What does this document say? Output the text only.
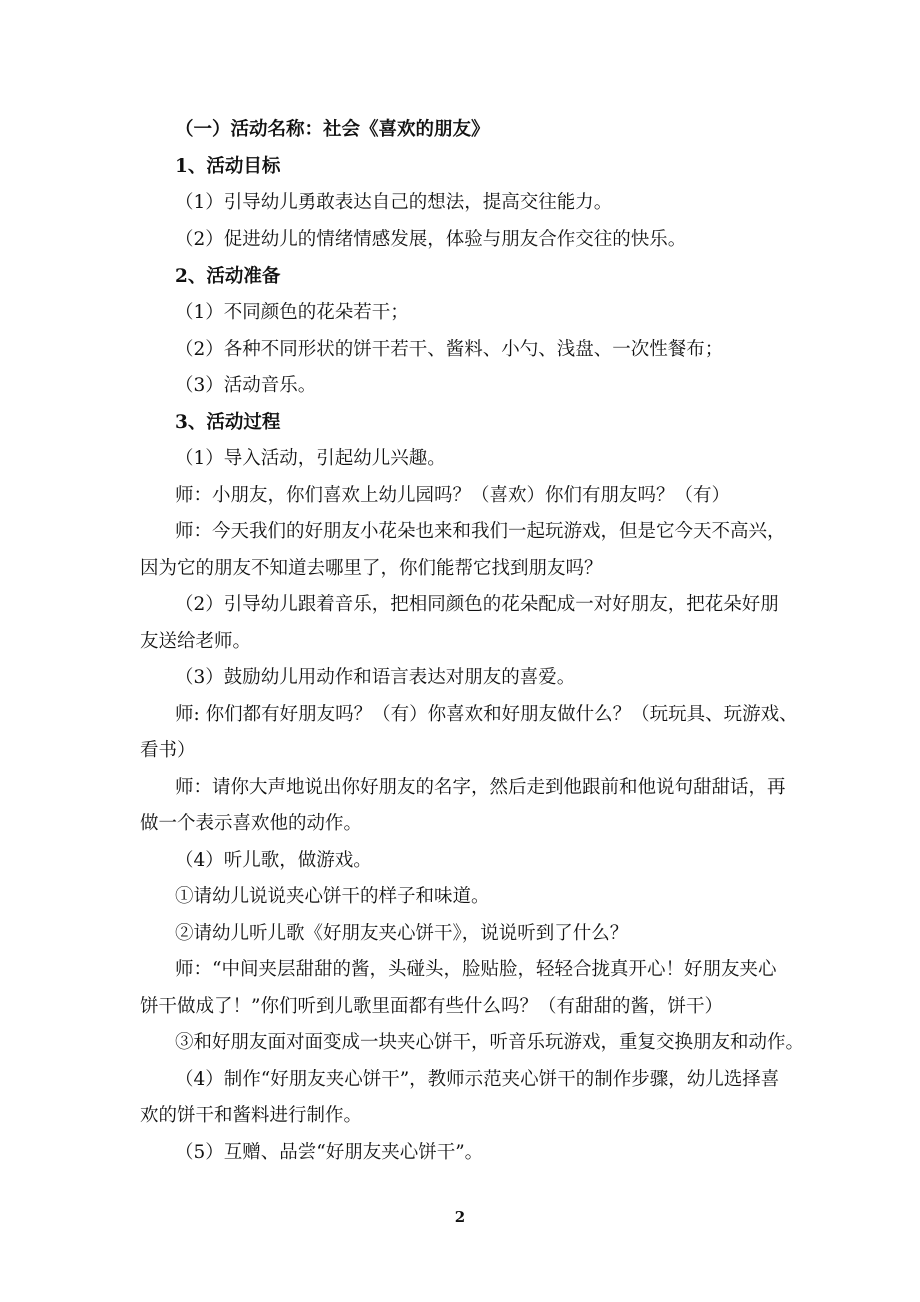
（一）活动名称：社会《喜欢的朋友》
1、活动目标
（1）引导幼儿勇敢表达自己的想法，提高交往能力。
（2）促进幼儿的情绪情感发展，体验与朋友合作交往的快乐。
2、活动准备
（1）不同颜色的花朵若干；
（2）各种不同形状的饼干若干、酱料、小勺、浅盘、一次性餐布；
（3）活动音乐。
3、活动过程
（1）导入活动，引起幼儿兴趣。
师：小朋友，你们喜欢上幼儿园吗？（喜欢）你们有朋友吗？（有）
师：今天我们的好朋友小花朵也来和我们一起玩游戏，但是它今天不高兴，
因为它的朋友不知道去哪里了，你们能帮它找到朋友吗？
（2）引导幼儿跟着音乐，把相同颜色的花朵配成一对好朋友，把花朵好朋
友送给老师。
（3）鼓励幼儿用动作和语言表达对朋友的喜爱。
师: 你们都有好朋友吗？（有）你喜欢和好朋友做什么？（玩玩具、玩游戏、
看书）
师：请你大声地说出你好朋友的名字，然后走到他跟前和他说句甜甜话，再
做一个表示喜欢他的动作。
（4）听儿歌，做游戏。
①请幼儿说说夹心饼干的样子和味道。
②请幼儿听儿歌《好朋友夹心饼干》，说说听到了什么？
师：“中间夹层甜甜的酱，头碰头，脸贴脸，轻轻合拢真开心！好朋友夹心
饼干做成了！”你们听到儿歌里面都有些什么吗？（有甜甜的酱，饼干）
③和好朋友面对面变成一块夹心饼干，听音乐玩游戏，重复交换朋友和动作。
（4）制作“好朋友夹心饼干”，教师示范夹心饼干的制作步骤，幼儿选择喜
欢的饼干和酱料进行制作。
（5）互赠、品尝“好朋友夹心饼干”。
2
